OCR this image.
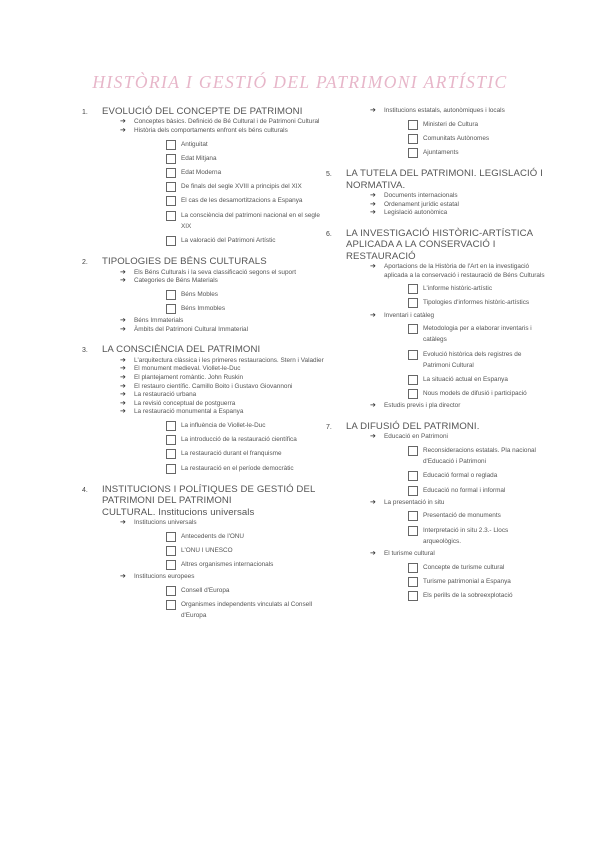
HISTÒRIA I GESTIÓ DEL PATRIMONI ARTÍSTIC
1.	EVOLUCIÓ DEL CONCEPTE DE PATRIMONI
➔	Conceptes bàsics. Definició de Bé Cultural i de Patrimoni Cultural
➔	Història dels comportaments enfront els béns culturals
Antiguitat
Edat Mitjana
Edat Moderna
De finals del segle XVIII a principis del XIX
El cas de les desamortitzacions a Espanya
La consciència del patrimoni nacional en el segle XIX
La valoració del Patrimoni Artístic
2.	TIPOLOGIES DE BÉNS CULTURALS
➔	Els Béns Culturals i la seva classificació segons el suport
➔	Categories de Béns Materials
Béns Mobles
Béns Immobles
➔	Béns Immaterials
➔	Àmbits del Patrimoni Cultural Immaterial
3.	LA CONSCIÈNCIA DEL PATRIMONI
➔	L'arquitectura clàssica i les primeres restauracions. Stern i Valadier
➔	El monument medieval. Viollet-le-Duc
➔	El plantejament romàntic. John Ruskin
➔	El restauro científic. Camillo Boito i Gustavo Giovannoni
➔	La restauració urbana
➔	La revisió conceptual de postguerra
➔	La restauració monumental a Espanya
La influència de Viollet-le-Duc
La introducció de la restauració científica
La restauració durant el franquisme
La restauració en el període democràtic
4.	INSTITUCIONS I POLÍTIQUES DE GESTIÓ DEL PATRIMONI DEL PATRIMONI
CULTURAL. Institucions universals
➔	Institucions universals
Antecedents de l'ONU
L'ONU I UNESCO
Altres organismes internacionals
➔	Institucions europees
Consell d'Europa
Organismes independents vinculats al Consell d'Europa
➔	Institucions estatals, autonòmiques i locals
Ministeri de Cultura
Comunitats Autònomes
Ajuntaments
5.	LA TUTELA DEL PATRIMONI. LEGISLACIÓ I NORMATIVA.
➔	Documents internacionals
➔	Ordenament jurídic estatal
➔	Legislació autonòmica
6.	LA INVESTIGACIÓ HISTÒRIC-ARTÍSTICA APLICADA A LA CONSERVACIÓ I RESTAURACIÓ
➔	Aportacions de la Història de l'Art en la investigació aplicada a la conservació i restauració de Béns Culturals
L'informe històric-artístic
Tipologies d'informes històric-artístics
➔	Inventari i catàleg
Metodologia per a elaborar inventaris i catàlegs
Evolució històrica dels registres de Patrimoni Cultural
La situació actual en Espanya
Nous models de difusió i participació
➔	Estudis previs i pla director
7.	LA DIFUSIÓ DEL PATRIMONI.
➔	Educació en Patrimoni
Reconsideracions estatals. Pla nacional d'Educació i Patrimoni
Educació formal o reglada
Educació no formal i informal
➔	La presentació in situ
Presentació de monuments
Interpretació in situ 2.3.- Llocs arqueològics.
➔	El turisme cultural
Concepte de turisme cultural
Turisme patrimonial a Espanya
Els perills de la sobreexplotació
